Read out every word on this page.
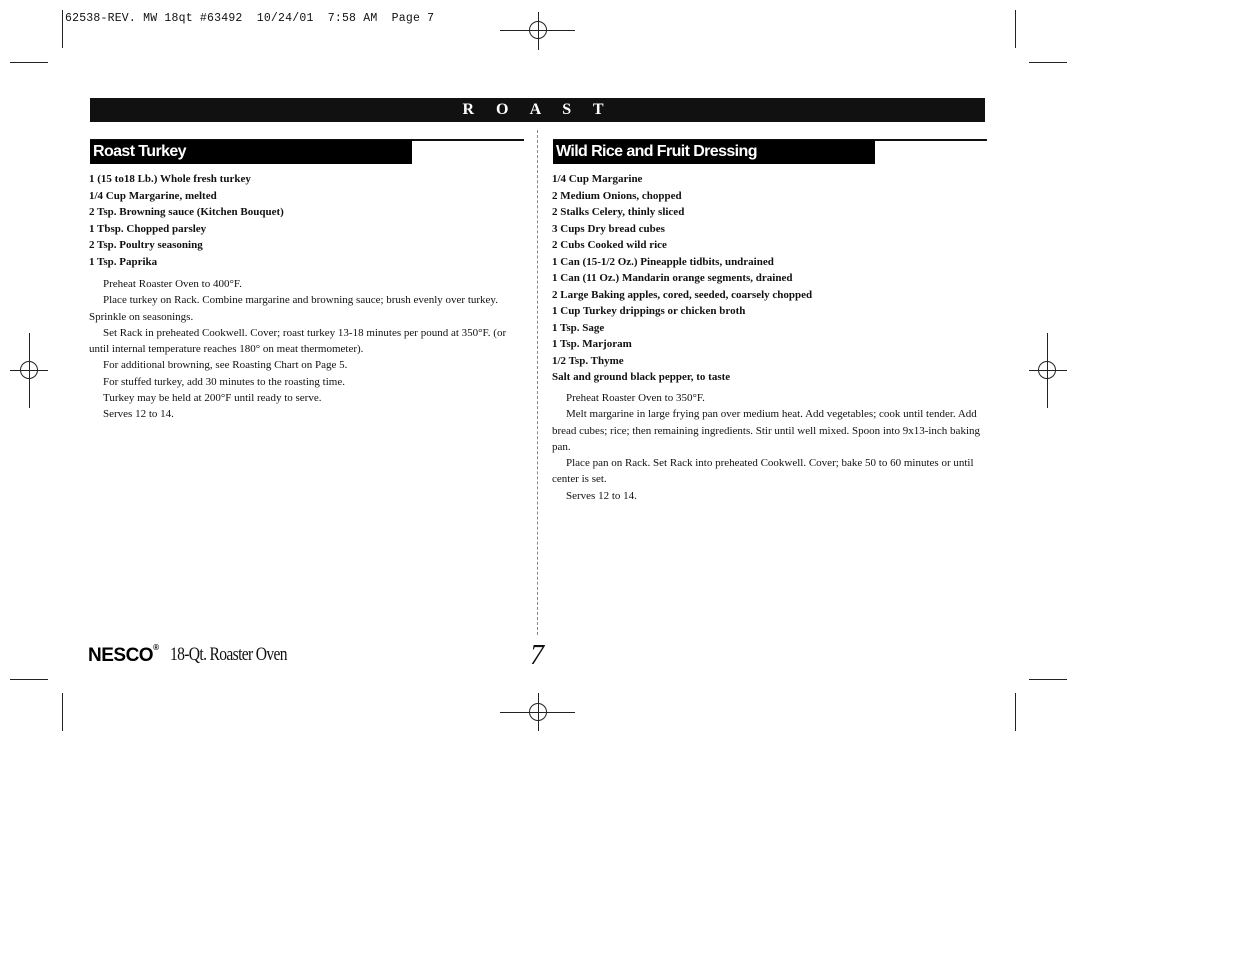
62538-REV. MW 18qt #63492  10/24/01  7:58 AM  Page 7
R O A S T
Roast Turkey
1 (15 to18 Lb.) Whole fresh turkey
1/4 Cup Margarine, melted
2 Tsp. Browning sauce (Kitchen Bouquet)
1 Tbsp. Chopped parsley
2 Tsp. Poultry seasoning
1 Tsp. Paprika

Preheat Roaster Oven to 400°F.

Place turkey on Rack. Combine margarine and browning sauce; brush evenly over turkey. Sprinkle on seasonings.

Set Rack in preheated Cookwell. Cover; roast turkey 13-18 minutes per pound at 350°F. (or until internal temperature reaches 180° on meat thermometer).

For additional browning, see Roasting Chart on Page 5.

For stuffed turkey, add 30 minutes to the roasting time.

Turkey may be held at 200°F until ready to serve.

Serves 12 to 14.

Wild Rice and Fruit Dressing
1/4 Cup Margarine
2 Medium Onions, chopped
2 Stalks Celery, thinly sliced
3 Cups Dry bread cubes
2 Cubs Cooked wild rice
1 Can (15-1/2 Oz.) Pineapple tidbits, undrained
1 Can (11 Oz.) Mandarin orange segments, drained
2 Large Baking apples, cored, seeded, coarsely chopped
1 Cup Turkey drippings or chicken broth
1 Tsp. Sage
1 Tsp. Marjoram
1/2 Tsp. Thyme
Salt and ground black pepper, to taste

Preheat Roaster Oven to 350°F.

Melt margarine in large frying pan over medium heat. Add vegetables; cook until tender. Add bread cubes; rice; then remaining ingredients. Stir until well mixed. Spoon into 9x13-inch baking pan.

Place pan on Rack. Set Rack into preheated Cookwell. Cover; bake 50 to 60 minutes or until center is set.

Serves 12 to 14.

NESCO® 18-Qt. Roaster Oven	7
